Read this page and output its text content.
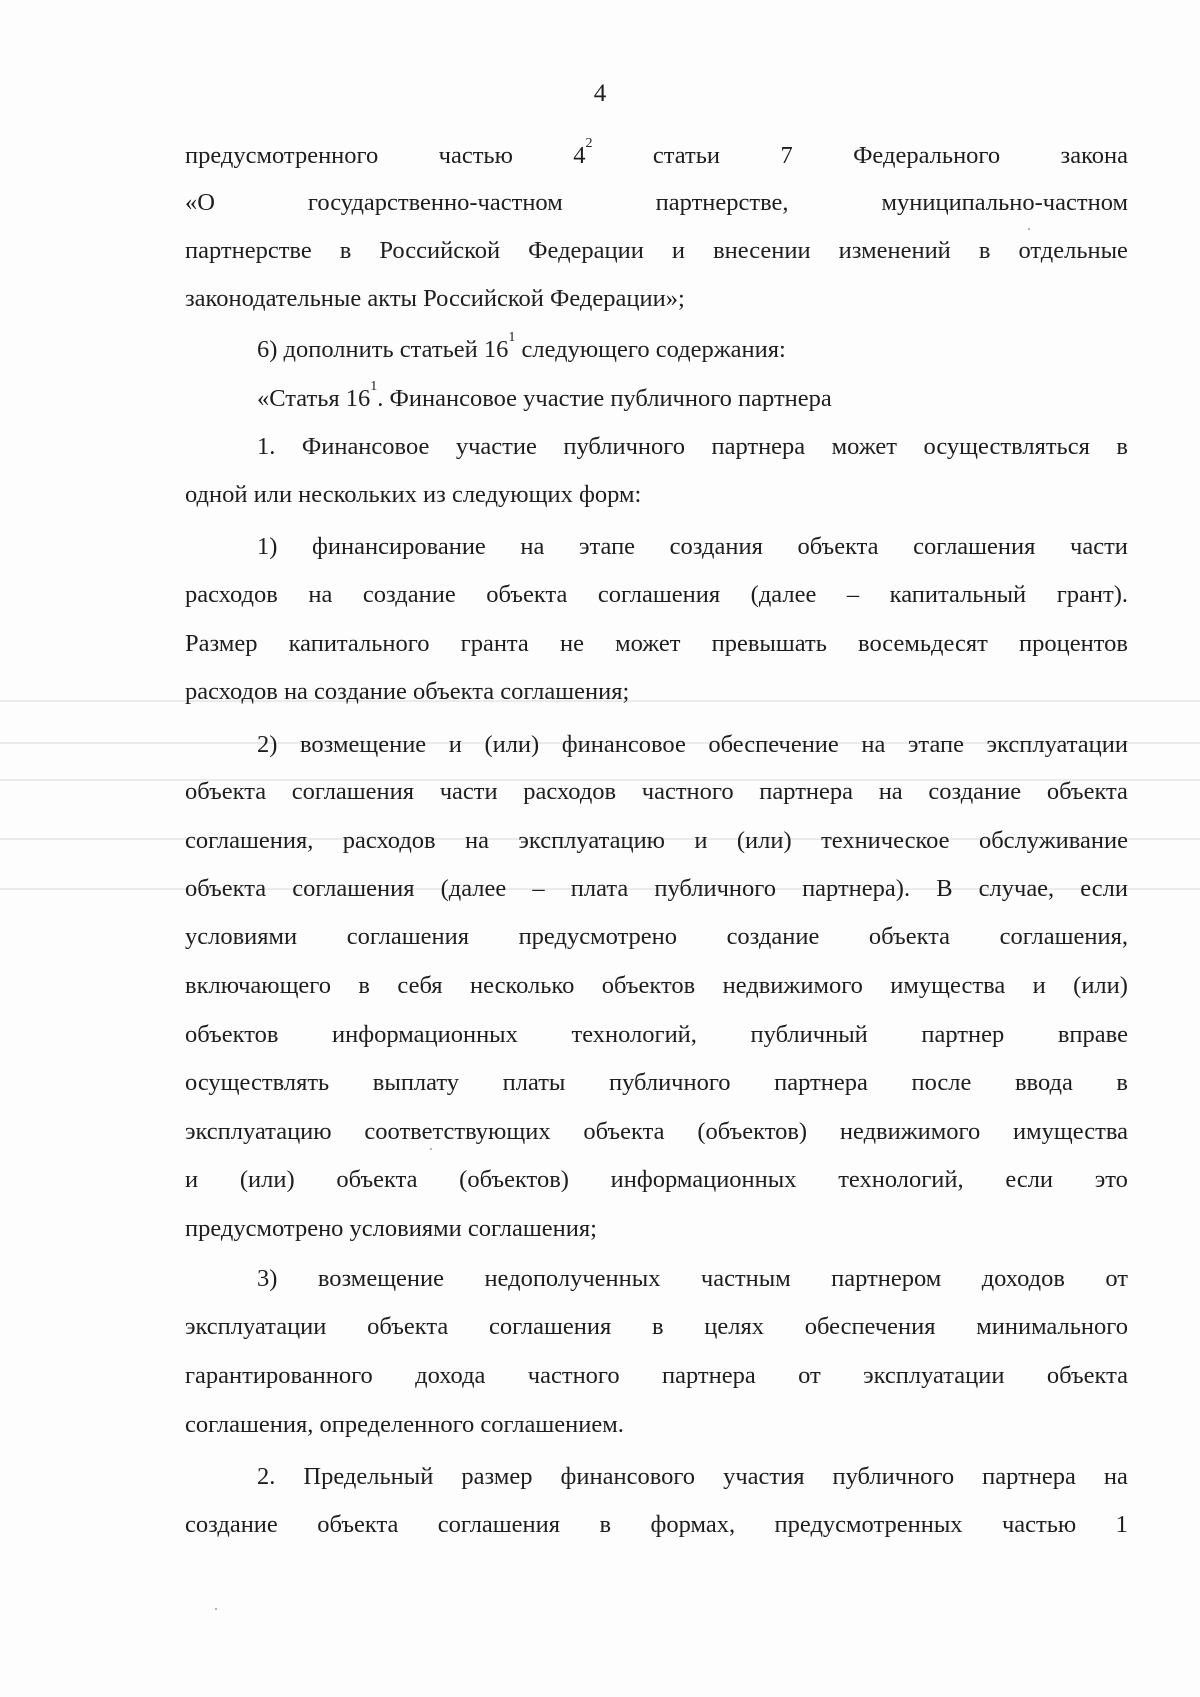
4
предусмотренного частью $4^2$ статьи 7 Федерального закона
«О	государственно-частном	партнерстве,	муниципально-частном
партнерстве в Российской Федерации и внесении изменений в отдельные
законодательные акты Российской Федерации»;
6) дополнить статьей $16^1$ следующего содержания:
«Статья $16^1$. Финансовое участие публичного партнера
1. Финансовое участие публичного партнера может осуществляться в
одной или нескольких из следующих форм:
1) финансирование на этапе создания объекта соглашения части
расходов на создание объекта соглашения (далее – капитальный грант).
Размер капитального гранта не может превышать восемьдесят процентов
расходов на создание объекта соглашения;
2) возмещение и (или) финансовое обеспечение на этапе эксплуатации
объекта соглашения части расходов частного партнера на создание объекта
соглашения, расходов на эксплуатацию и (или) техническое обслуживание
объекта соглашения (далее – плата публичного партнера). В случае, если
условиями соглашения предусмотрено создание объекта соглашения,
включающего в себя несколько объектов недвижимого имущества и (или)
объектов информационных технологий, публичный партнер вправе
осуществлять выплату платы публичного партнера после ввода в
эксплуатацию соответствующих объекта (объектов) недвижимого имущества
и (или) объекта (объектов) информационных технологий, если это
предусмотрено условиями соглашения;
3) возмещение недополученных частным партнером доходов от
эксплуатации объекта соглашения в целях обеспечения минимального
гарантированного дохода частного партнера от эксплуатации объекта
соглашения, определенного соглашением.
2. Предельный размер финансового участия публичного партнера на
создание объекта соглашения в формах, предусмотренных частью 1
